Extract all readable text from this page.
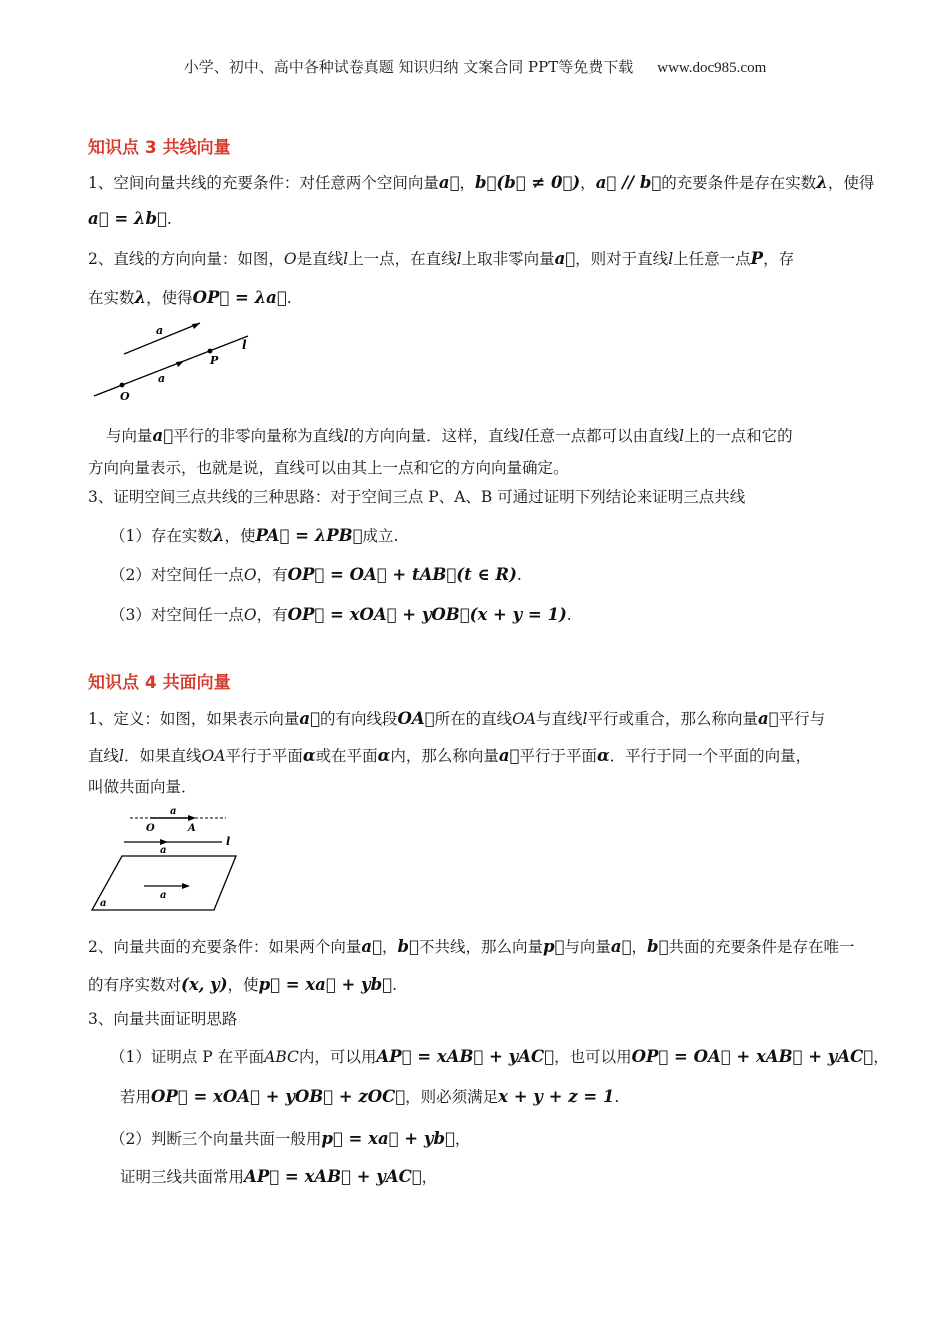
小学、初中、高中各种试卷真题 知识归纳 文案合同 PPT等免费下载 www.doc985.com
知识点 3 共线向量
1、空间向量共线的充要条件：对任意两个空间向量a⃗，b⃗(b⃗ ≠ 0⃗)，a⃗ // b⃗的充要条件是存在实数λ，使得
a⃗ = λb⃗.
2、直线的方向向量：如图，O是直线l上一点，在直线l上取非零向量a⃗，则对于直线l上任意一点P，存
在实数λ，使得OP⃗ = λa⃗.
a
a
P
l
O
与向量a⃗平行的非零向量称为直线l的方向向量．这样，直线l任意一点都可以由直线l上的一点和它的
方向向量表示，也就是说，直线可以由其上一点和它的方向向量确定。
3、证明空间三点共线的三种思路：对于空间三点 P、A、B 可通过证明下列结论来证明三点共线
（1）存在实数λ，使PA⃗ = λPB⃗成立.
（2）对空间任一点O，有OP⃗ = OA⃗ + tAB⃗(t ∈ R).
（3）对空间任一点O，有OP⃗ = xOA⃗ + yOB⃗(x + y = 1).
知识点 4 共面向量
1、定义：如图，如果表示向量a⃗的有向线段OA⃗所在的直线OA与直线l平行或重合，那么称向量a⃗平行与
直线l．如果直线OA平行于平面α或在平面α内，那么称向量a⃗平行于平面α．平行于同一个平面的向量，
叫做共面向量．
a
O	A
l
a
a
a
2、向量共面的充要条件：如果两个向量a⃗，b⃗不共线，那么向量p⃗与向量a⃗，b⃗共面的充要条件是存在唯一
的有序实数对(x, y)，使p⃗ = xa⃗ + yb⃗.
3、向量共面证明思路
（1）证明点 P 在平面ABC内，可以用AP⃗ = xAB⃗ + yAC⃗，也可以用OP⃗ = OA⃗ + xAB⃗ + yAC⃗，
若用OP⃗ = xOA⃗ + yOB⃗ + zOC⃗，则必须满足x + y + z = 1.
（2）判断三个向量共面一般用p⃗ = xa⃗ + yb⃗，
证明三线共面常用AP⃗ = xAB⃗ + yAC⃗，
